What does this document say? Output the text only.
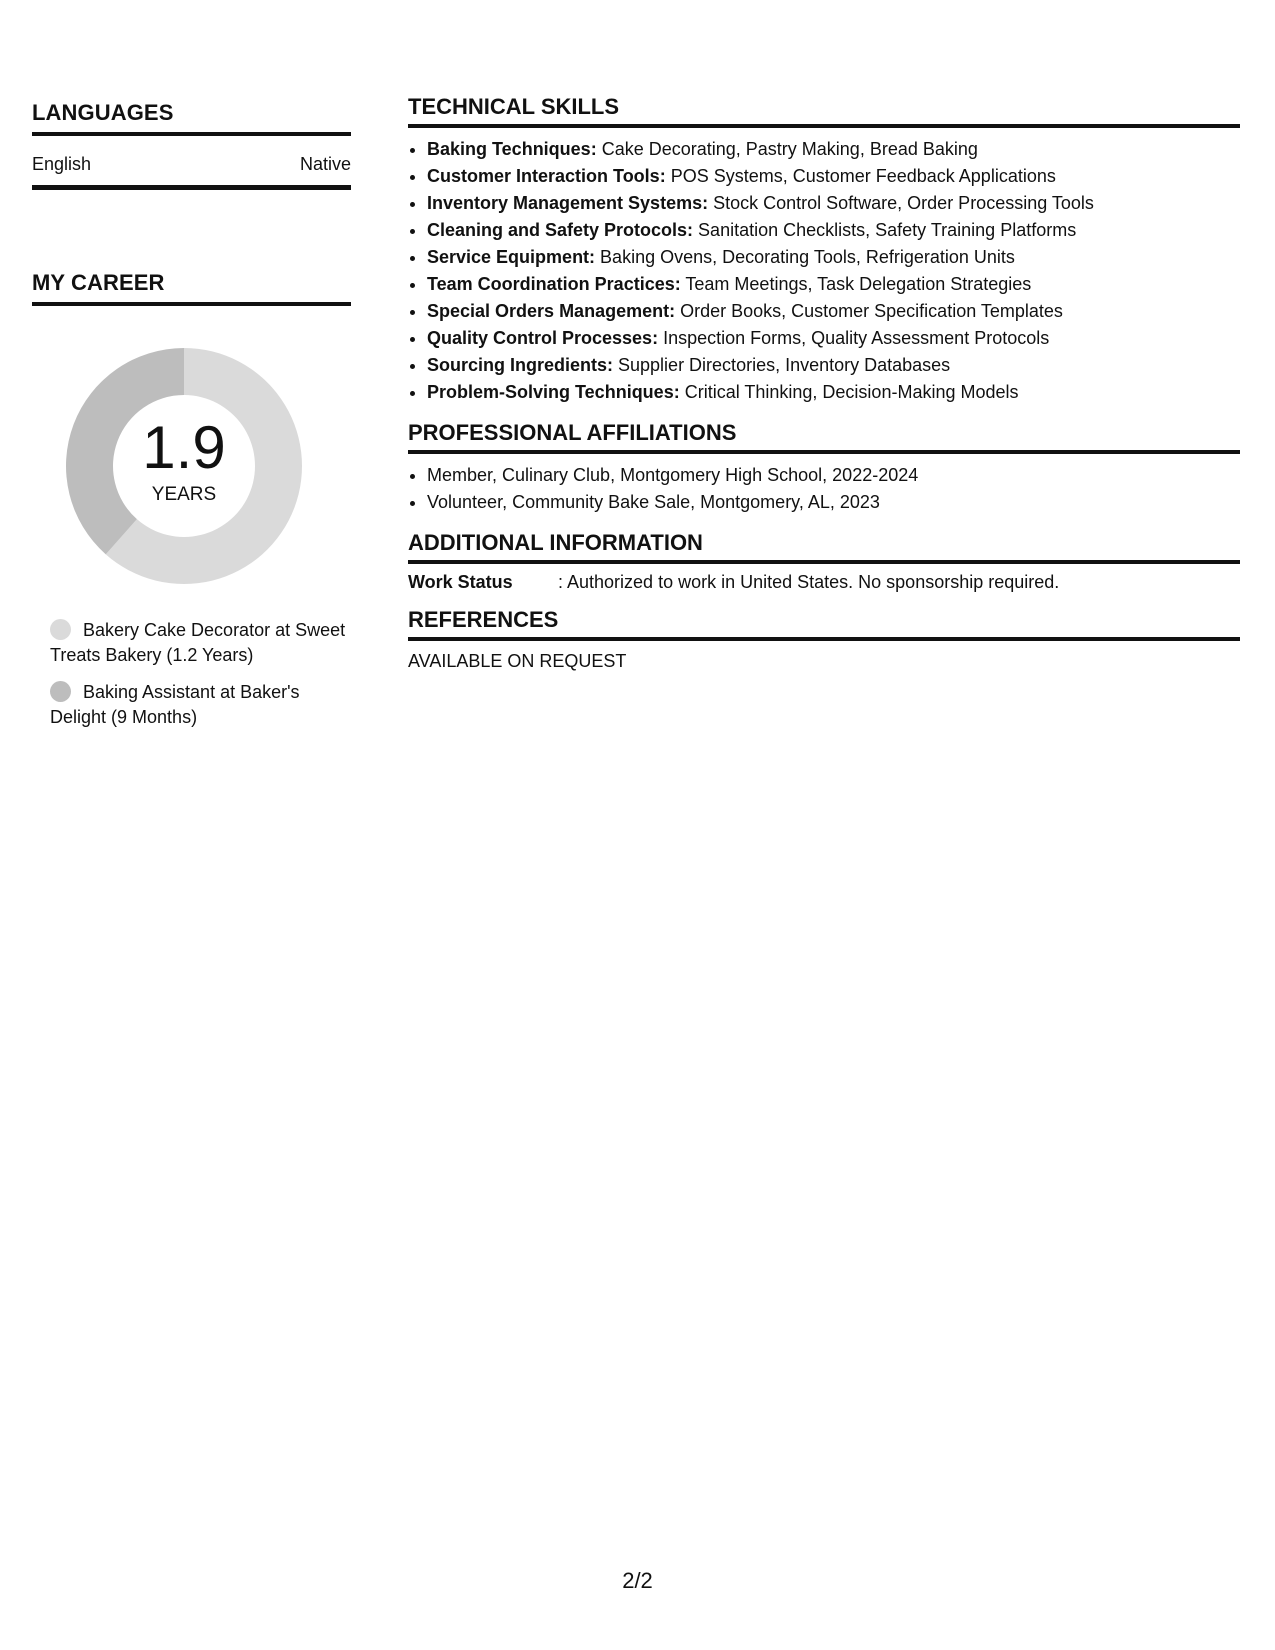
LANGUAGES
English	Native
MY CAREER
1.9
YEARS
Bakery Cake Decorator at Sweet Treats Bakery (1.2 Years)
Baking Assistant at Baker's Delight (9 Months)
TECHNICAL SKILLS
• Baking Techniques: Cake Decorating, Pastry Making, Bread Baking
• Customer Interaction Tools: POS Systems, Customer Feedback Applications
• Inventory Management Systems: Stock Control Software, Order Processing Tools
• Cleaning and Safety Protocols: Sanitation Checklists, Safety Training Platforms
• Service Equipment: Baking Ovens, Decorating Tools, Refrigeration Units
• Team Coordination Practices: Team Meetings, Task Delegation Strategies
• Special Orders Management: Order Books, Customer Specification Templates
• Quality Control Processes: Inspection Forms, Quality Assessment Protocols
• Sourcing Ingredients: Supplier Directories, Inventory Databases
• Problem-Solving Techniques: Critical Thinking, Decision-Making Models
PROFESSIONAL AFFILIATIONS
• Member, Culinary Club, Montgomery High School, 2022-2024
• Volunteer, Community Bake Sale, Montgomery, AL, 2023
ADDITIONAL INFORMATION
Work Status	: Authorized to work in United States. No sponsorship required.
REFERENCES
AVAILABLE ON REQUEST
2/2
